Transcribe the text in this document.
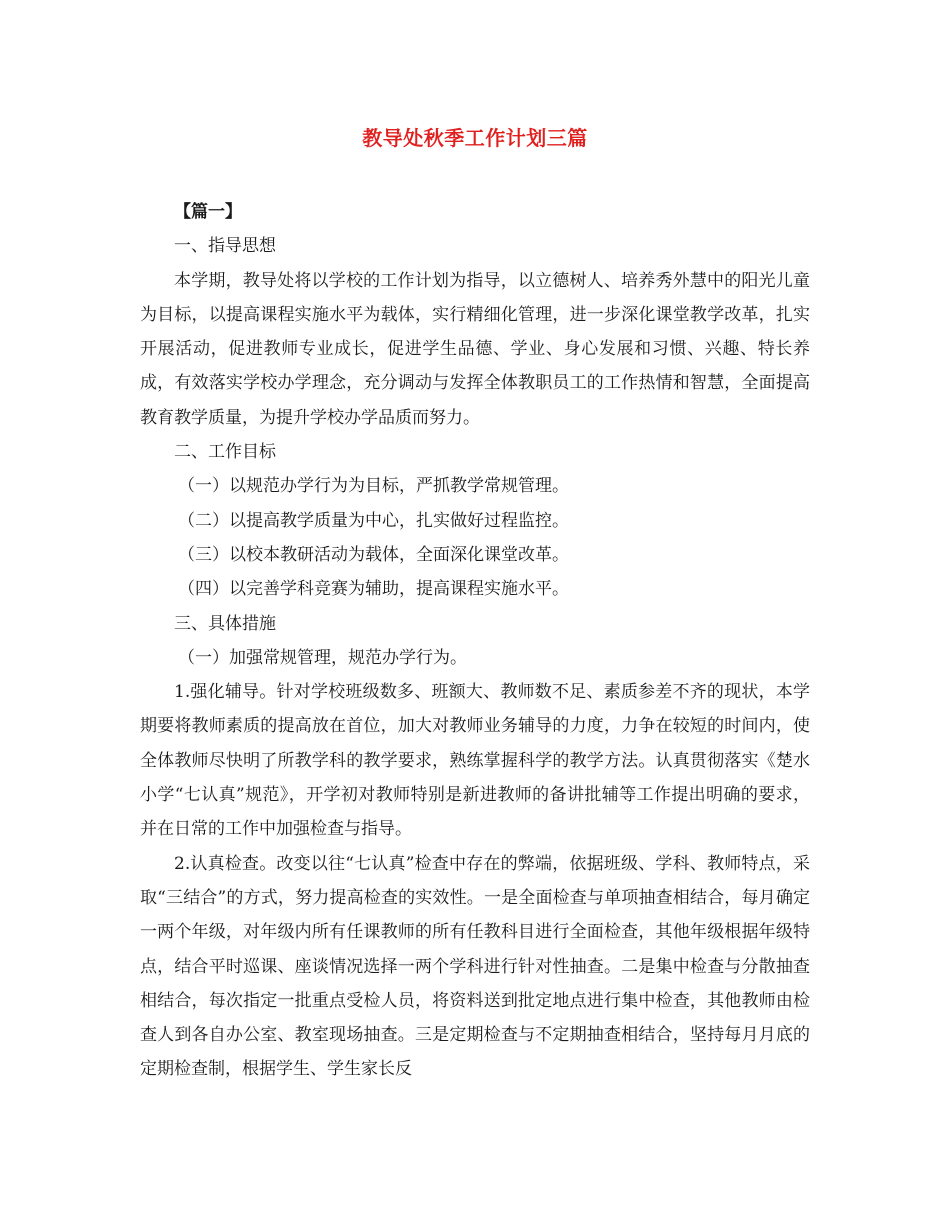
教导处秋季工作计划三篇
【篇一】
一、指导思想

本学期，教导处将以学校的工作计划为指导，以立德树人、培养秀外慧中的阳光儿童为目标，以提高课程实施水平为载体，实行精细化管理，进一步深化课堂教学改革，扎实开展活动，促进教师专业成长，促进学生品德、学业、身心发展和习惯、兴趣、特长养成，有效落实学校办学理念，充分调动与发挥全体教职员工的工作热情和智慧，全面提高教育教学质量，为提升学校办学品质而努力。

二、工作目标
（一）以规范办学行为为目标，严抓教学常规管理。
（二）以提高教学质量为中心，扎实做好过程监控。
（三）以校本教研活动为载体，全面深化课堂改革。
（四）以完善学科竞赛为辅助，提高课程实施水平。
三、具体措施
（一）加强常规管理，规范办学行为。

1.强化辅导。针对学校班级数多、班额大、教师数不足、素质参差不齐的现状，本学期要将教师素质的提高放在首位，加大对教师业务辅导的力度，力争在较短的时间内，使全体教师尽快明了所教学科的教学要求，熟练掌握科学的教学方法。认真贯彻落实《楚水小学“七认真”规范》，开学初对教师特别是新进教师的备讲批辅等工作提出明确的要求，并在日常的工作中加强检查与指导。

2.认真检查。改变以往“七认真”检查中存在的弊端，依据班级、学科、教师特点，采取“三结合”的方式，努力提高检查的实效性。一是全面检查与单项抽查相结合，每月确定一两个年级，对年级内所有任课教师的所有任教科目进行全面检查，其他年级根据年级特点，结合平时巡课、座谈情况选择一两个学科进行针对性抽查。二是集中检查与分散抽查相结合，每次指定一批重点受检人员，将资料送到批定地点进行集中检查，其他教师由检查人到各自办公室、教室现场抽查。三是定期检查与不定期抽查相结合，坚持每月月底的定期检查制，根据学生、学生家长反
